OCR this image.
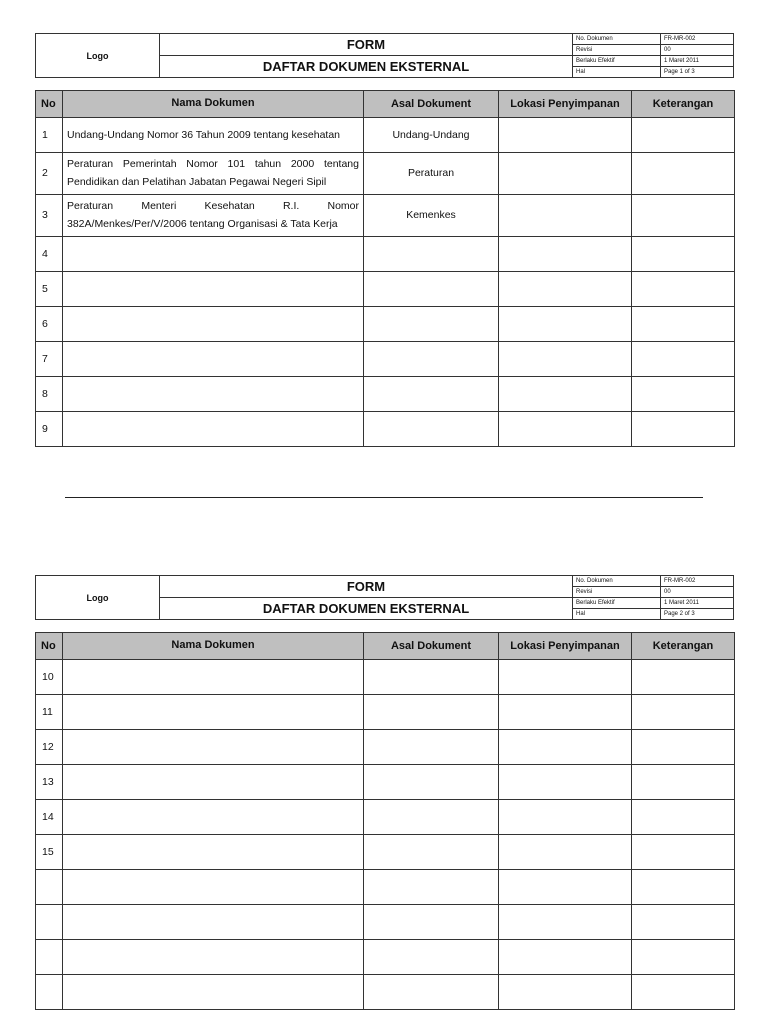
Logo	FORM	No. Dokumen	FR-MR-002
		Revisi	00
	DAFTAR DOKUMEN EKSTERNAL	Berlaku Efektif	1 Maret 2011
		Hal	Page 1 of 3
No	Nama Dokumen	Asal Dokument	Lokasi Penyimpanan	Keterangan
1	Undang-Undang Nomor 36 Tahun 2009 tentang kesehatan	Undang-Undang		
2	Peraturan Pemerintah Nomor 101 tahun 2000 tentang Pendidikan dan Pelatihan Jabatan Pegawai Negeri Sipil	Peraturan		
3	Peraturan Menteri Kesehatan R.I. Nomor 382A/Menkes/Per/V/2006 tentang Organisasi & Tata Kerja	Kemenkes		
4				
5				
6				
7				
8				
9				
Logo	FORM	No. Dokumen	FR-MR-002
		Revisi	00
	DAFTAR DOKUMEN EKSTERNAL	Berlaku Efektif	1 Maret 2011
		Hal	Page 2 of 3
No	Nama Dokumen	Asal Dokument	Lokasi Penyimpanan	Keterangan
10				
11				
12				
13				
14				
15				
